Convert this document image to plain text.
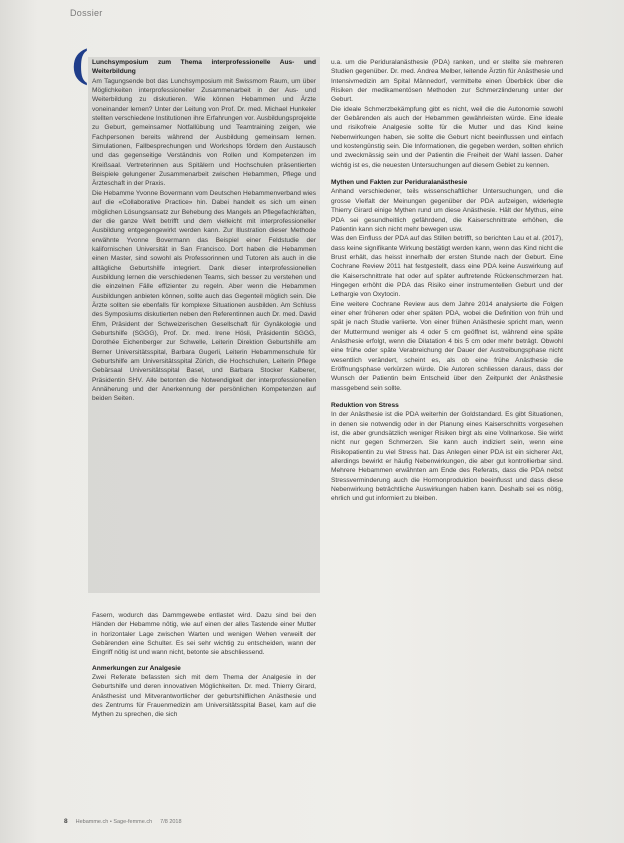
Dossier
( Lunchsymposium zum Thema interprofessionelle Aus- und Weiterbildung

Am Tagungsende bot das Lunchsymposium mit Swissmom Raum, um über Möglichkeiten interprofessioneller Zusammenarbeit in der Aus- und Weiterbildung zu diskutieren. Wie können Hebammen und Ärzte voneinander lernen? Unter der Leitung von Prof. Dr. med. Michael Hunkeler stellten verschiedene Institutionen ihre Erfahrungen vor. Ausbildungsprojekte zu Geburt, gemeinsamer Notfallübung und Teamtraining zeigen, wie Fachpersonen bereits während der Ausbildung gemeinsam lernen. Simulationen, Fallbesprechungen und Workshops fördern den Austausch und das gegenseitige Verständnis von Rollen und Kompetenzen im Kreißsaal. Vertreterinnen aus Spitälern und Hochschulen präsentierten Beispiele gelungener Zusammenarbeit zwischen Hebammen, Pflege und Ärzteschaft in der Praxis.

Die Hebamme Yvonne Bovermann vom Deutschen Hebammenverband wies auf die «Collaborative Practice» hin. Dabei handelt es sich um einen möglichen Lösungsansatz zur Behebung des Mangels an Pflegefachkräften, der die ganze Welt betrifft und dem vielleicht mit interprofessioneller Ausbildung entgegengewirkt werden kann. Zur Illustration dieser Methode erwähnte Yvonne Bovermann das Beispiel einer Feldstudie der kalifornischen Universität in San Francisco. Dort haben die Hebammen einen Master, sind sowohl als Professorinnen und Tutoren als auch in die alltägliche Geburtshilfe integriert. Dank dieser interprofessionellen Ausbildung lernen die verschiedenen Teams, sich besser zu verstehen und die einzelnen Fälle effizienter zu regeln. Aber wenn die Hebammen Ausbildungen anbieten können, sollte auch das Gegenteil möglich sein. Die Ärzte sollten sie ebenfalls für komplexe Situationen ausbilden. Am Schluss des Symposiums diskutierten neben den Referentinnen auch Dr. med. David Ehm, Präsident der Schweizerischen Gesellschaft für Gynäkologie und Geburtshilfe (SGGG), Prof. Dr. med. Irene Hösli, Präsidentin SGGG, Dorothée Eichenberger zur Schwelle, Leiterin Direktion Geburtshilfe am Berner Universitätsspital, Barbara Gugerli, Leiterin Hebammenschule für Geburtshilfe am Universitätsspital Zürich, die Hochschulen, Leiterin Pflege Gebärsaal Universitätsspital Basel, und Barbara Stocker Kalberer, Präsidentin SHV. Alle betonten die Notwendigkeit der interprofessionellen Annäherung und der Anerkennung der persönlichen Kompetenzen auf beiden Seiten.

Fasern, wodurch das Dammgewebe entlastet wird. Dazu sind bei den Händen der Hebamme nötig, wie auf einen der alles Tastende einer Mutter in horizontaler Lage zwischen Warten und wenigen Wehen verweilt der Gebärenden eine Schulter. Es sei sehr wichtig zu entscheiden, wann der Eingriff nötig ist und wann nicht, betonte sie abschliessend.

Anmerkungen zur Analgesie

Zwei Referate befassten sich mit dem Thema der Analgesie in der Geburtshilfe und deren innovativen Möglichkeiten. Dr. med. Thierry Girard, Anästhesist und Mitverantwortlicher der geburtshilflichen Anästhesie und des Zentrums für Frauenmedizin am Universitätsspital Basel, kam auf die Mythen zu sprechen, die sich

u.a. um die Periduralanästhesie (PDA) ranken, und er stellte sie mehreren Studien gegenüber. Dr. med. Andrea Melber, leitende Ärztin für Anästhesie und Intensivmedizin am Spital Männedorf, vermittelte einen Überblick über die Risiken der medikamentösen Methoden zur Schmerzlinderung unter der Geburt.

Die ideale Schmerzbekämpfung gibt es nicht, weil die die Autonomie sowohl der Gebärenden als auch der Hebammen gewährleisten würde. Eine ideale und risikofreie Analgesie sollte für die Mutter und das Kind keine Nebenwirkungen haben, sie sollte die Geburt nicht beeinflussen und einfach und kostengünstig sein. Die Informationen, die gegeben werden, sollten ehrlich und zweckmässig sein und der Patientin die Freiheit der Wahl lassen. Daher wichtig ist es, die neuesten Untersuchungen auf diesem Gebiet zu kennen.

Mythen und Fakten zur Periduralanästhesie

Anhand verschiedener, teils wissenschaftlicher Untersuchungen, und die grosse Vielfalt der Meinungen gegenüber der PDA aufzeigen, widerlegte Thierry Girard einige Mythen rund um diese Anästhesie. Hält der Mythus, eine PDA sei gesundheitlich gefährdend, die Kaiserschnittrate erhöhen, die Patientin kann sich nicht mehr bewegen usw.

Was den Einfluss der PDA auf das Stillen betrifft, so berichten Lau et al. (2017), dass keine signifikante Wirkung bestätigt werden kann, wenn das Kind nicht die Brust erhält, das heisst innerhalb der ersten Stunde nach der Geburt. Eine Cochrane Review 2011 hat festgestellt, dass eine PDA keine Auswirkung auf die Kaiserschnittrate hat oder auf später auftretende Rückenschmerzen hat. Hingegen erhöht die PDA das Risiko einer instrumentellen Geburt und der Lethargie von Oxytocin.

Eine weitere Cochrane Review aus dem Jahre 2014 analysierte die Folgen einer eher früheren oder eher späten PDA, wobei die Definition von früh und spät je nach Studie variierte. Von einer frühen Anästhesie spricht man, wenn der Muttermund weniger als 4 oder 5 cm geöffnet ist, während eine späte Anästhesie erfolgt, wenn die Dilatation 4 bis 5 cm oder mehr beträgt. Obwohl eine frühe oder späte Verabreichung der Dauer der Austreibungsphase nicht wesentlich verändert, scheint es, als ob eine frühe Anästhesie die Eröffnungsphase verkürzen würde. Die Autoren schliessen daraus, dass der Wunsch der Patientin beim Entscheid über den Zeitpunkt der Anästhesie massgebend sein sollte.

Reduktion von Stress

In der Anästhesie ist die PDA weiterhin der Goldstandard. Es gibt Situationen, in denen sie notwendig oder in der Planung eines Kaiserschnitts vorgesehen ist, die aber grundsätzlich weniger Risiken birgt als eine Vollnarkose. Sie wirkt nicht nur gegen Schmerzen. Sie kann auch indiziert sein, wenn eine Risikopatientin zu viel Stress hat. Das Anlegen einer PDA ist ein sicherer Akt, allerdings bewirkt er häufig Nebenwirkungen, die aber gut kontrollierbar sind. Mehrere Hebammen erwähnten am Ende des Referats, dass die PDA nebst Stressverminderung auch die Hormonproduktion beeinflusst und dass diese Nebenwirkung beträchtliche Auswirkungen haben kann. Deshalb sei es nötig, ehrlich und gut informiert zu bleiben.

8 Hebamme.ch • Sage-femme.ch 7/8 2018
